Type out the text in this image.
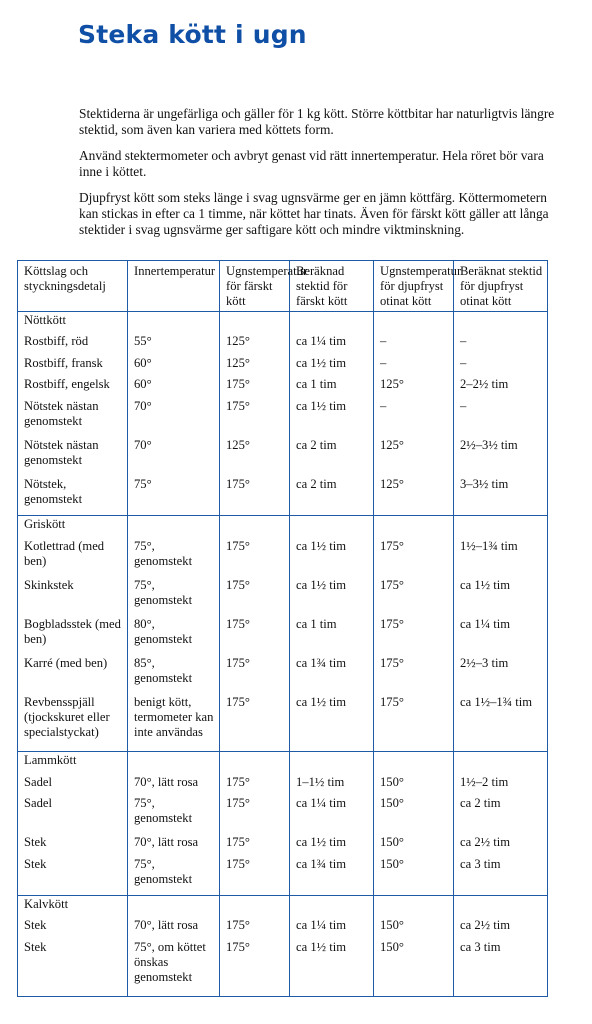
Steka kött i ugn

Stektiderna är ungefärliga och gäller för 1 kg kött. Större köttbitar har naturligtvis längre stektid, som även kan variera med köttets form.

Använd stektermometer och avbryt genast vid rätt innertemperatur. Hela röret bör vara inne i köttet.

Djupfryst kött som steks länge i svag ugnsvärme ger en jämn köttfärg. Köttermometern kan stickas in efter ca 1 timme, när köttet har tinats. Även för färskt kött gäller att långa stektider i svag ugnsvärme ger saftigare kött och mindre viktminskning.

Köttslag och styckningsdetalj	Innertemperatur	Ugnstemperatur för färskt kött	Beräknad stektid för färskt kött	Ugnstemperatur för djupfryst otinat kött	Beräknat stektid för djupfryst otinat kött
Nöttkött					
Rostbiff, röd	55°	125°	ca 1¼ tim	–	–
Rostbiff, fransk	60°	125°	ca 1½ tim	–	–
Rostbiff, engelsk	60°	175°	ca 1 tim	125°	2–2½ tim
Nötstek nästan genomstekt	70°	175°	ca 1½ tim	–	–
Nötstek nästan genomstekt	70°	125°	ca 2 tim	125°	2½–3½ tim
Nötstek, genomstekt	75°	175°	ca 2 tim	125°	3–3½ tim
Griskött					
Kotlettrad (med ben)	75°, genomstekt	175°	ca 1½ tim	175°	1½–1¾ tim
Skinkstek	75°, genomstekt	175°	ca 1½ tim	175°	ca 1½ tim
Bogbladsstek (med ben)	80°, genomstekt	175°	ca 1 tim	175°	ca 1¼ tim
Karré (med ben)	85°, genomstekt	175°	ca 1¾ tim	175°	2½–3 tim
Revbensspjäll (tjockskuret eller specialstyckat)	benigt kött, termometer kan inte användas	175°	ca 1½ tim	175°	ca 1½–1¾ tim
Lammkött					
Sadel	70°, lätt rosa	175°	1–1½ tim	150°	1½–2 tim
Sadel	75°, genomstekt	175°	ca 1¼ tim	150°	ca 2 tim
Stek	70°, lätt rosa	175°	ca 1½ tim	150°	ca 2½ tim
Stek	75°, genomstekt	175°	ca 1¾ tim	150°	ca 3 tim
Kalvkött					
Stek	70°, lätt rosa	175°	ca 1¼ tim	150°	ca 2½ tim
Stek	75°, om köttet önskas genomstekt	175°	ca 1½ tim	150°	ca 3 tim
